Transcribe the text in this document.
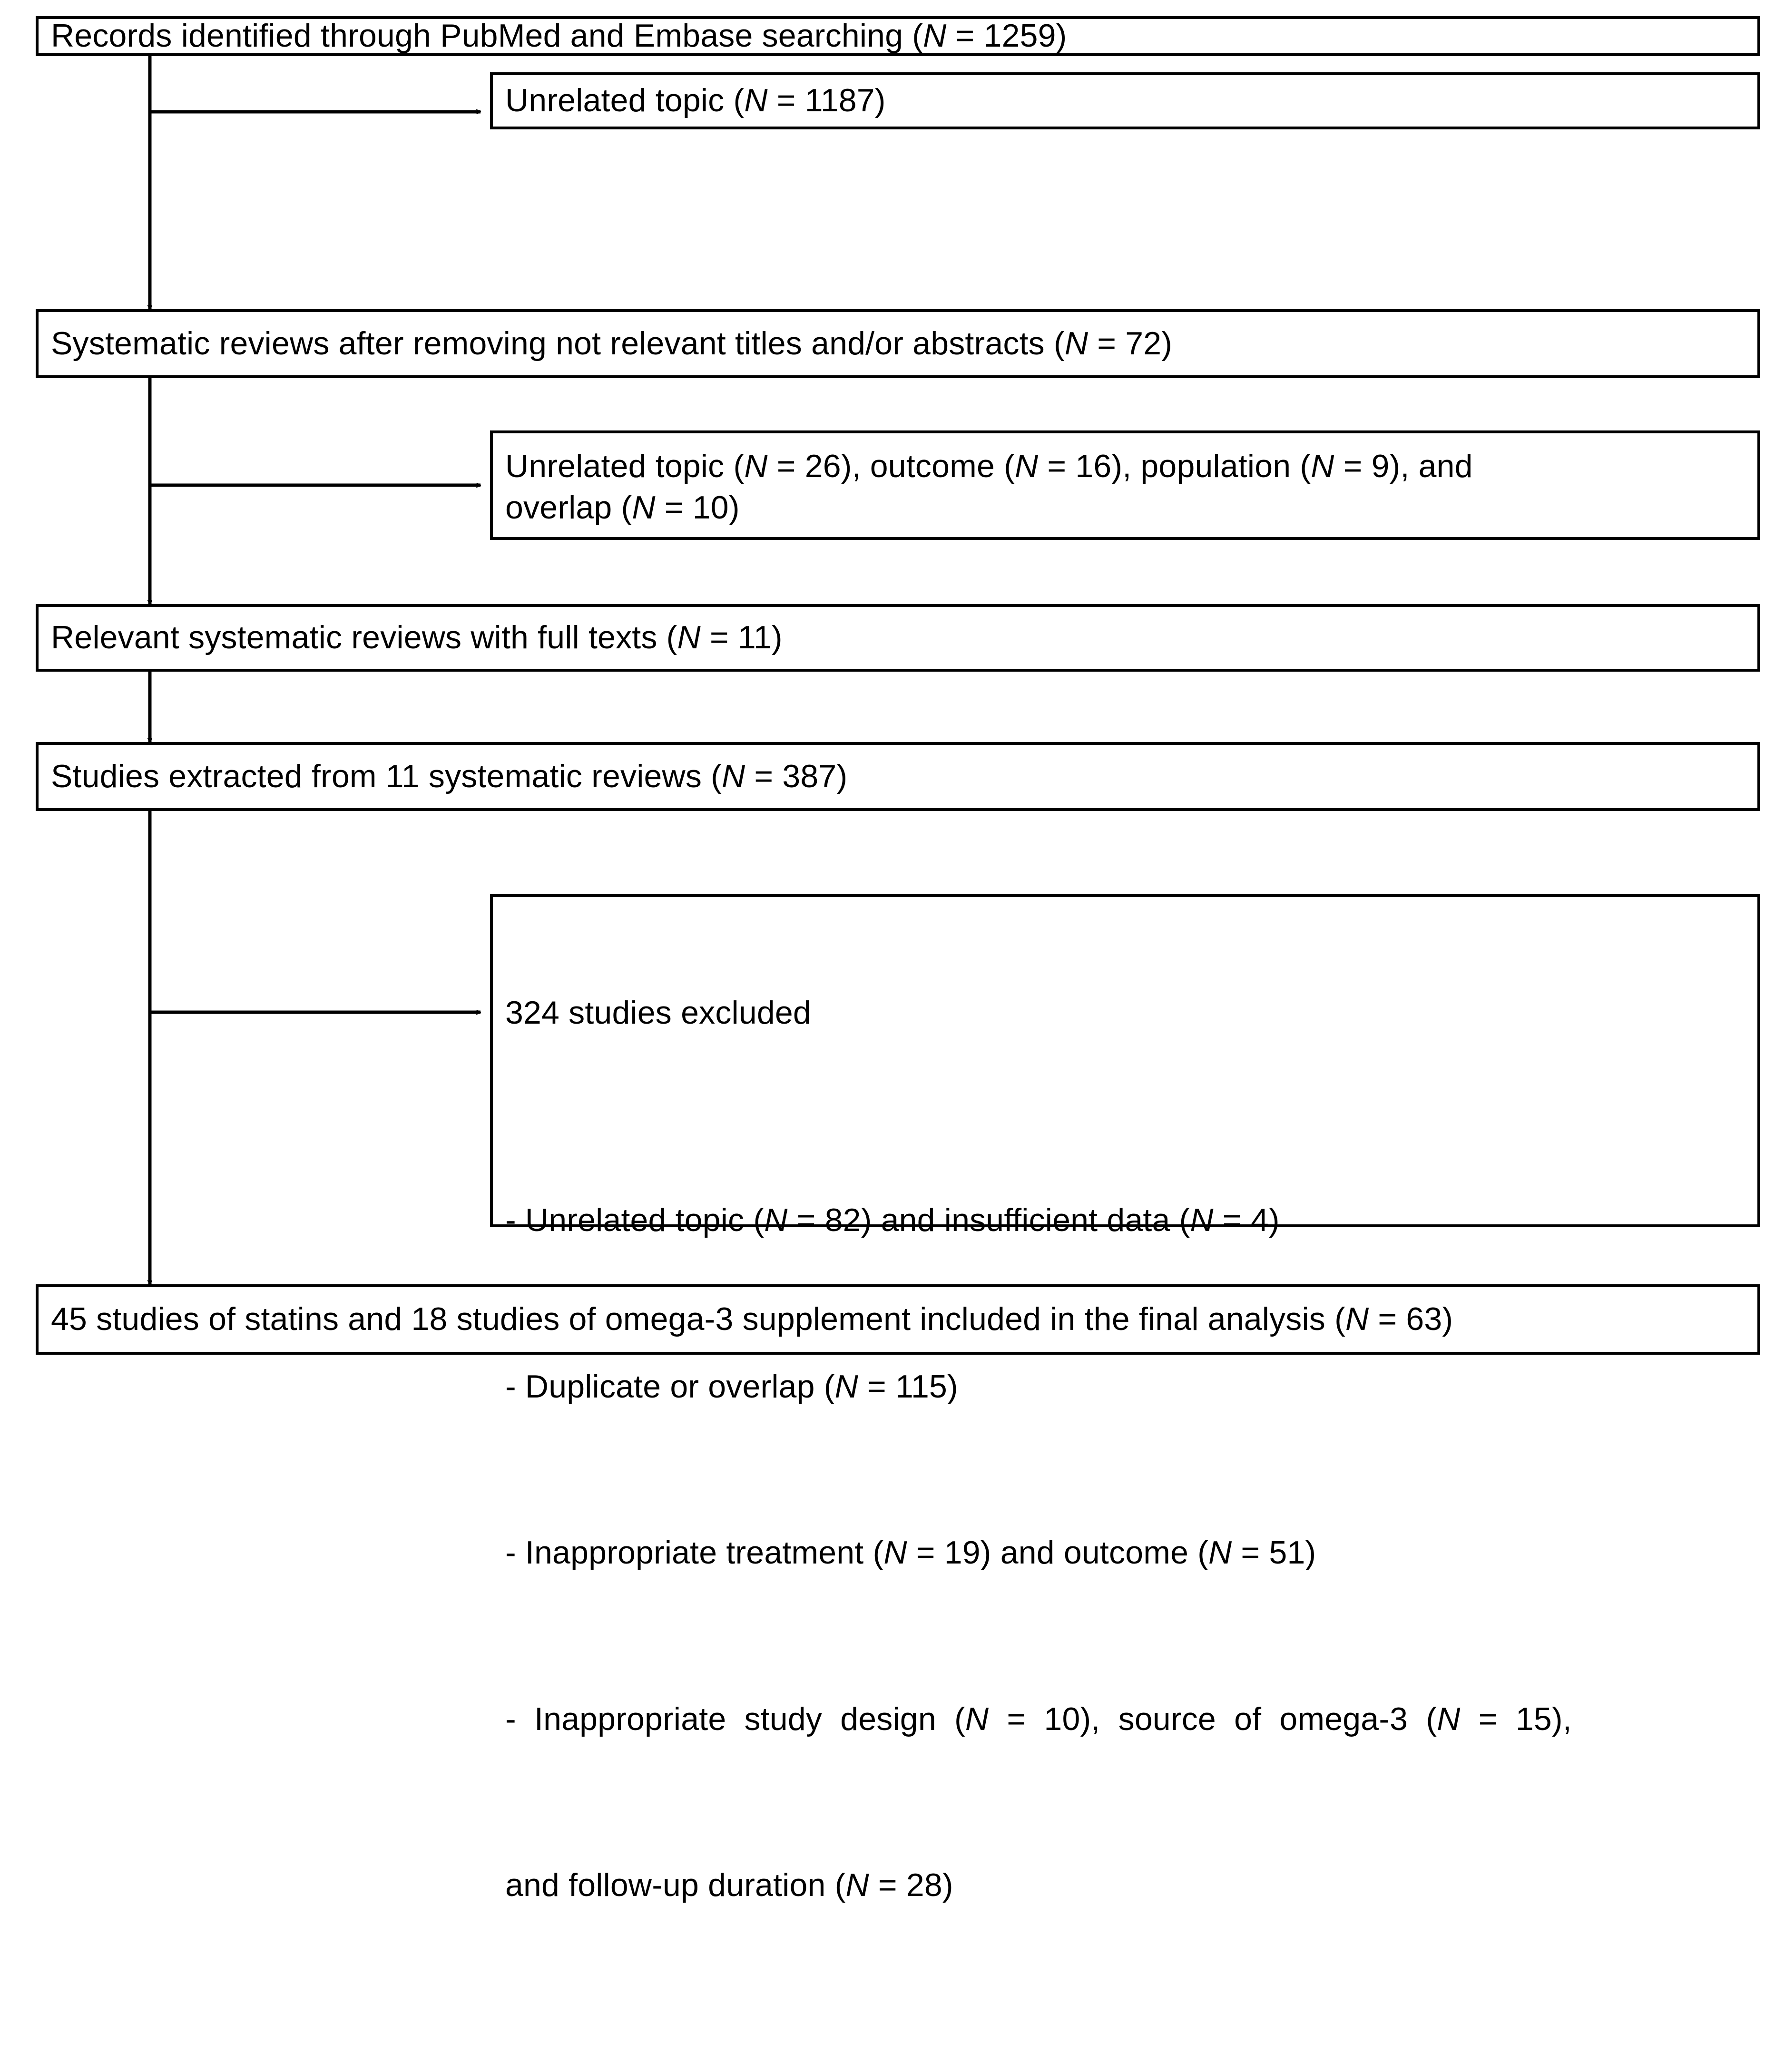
Records identified through PubMed and Embase searching (N = 1259)
Unrelated topic (N = 1187)
Systematic reviews after removing not relevant titles and/or abstracts (N = 72)
Unrelated topic (N = 26), outcome (N = 16), population (N = 9), and
overlap (N = 10)
Relevant systematic reviews with full texts (N = 11)
Studies extracted from 11 systematic reviews (N = 387)

324 studies excluded

- Unrelated topic (N = 82) and insufficient data (N = 4)

- Duplicate or overlap (N = 115)

- Inappropriate treatment (N = 19) and outcome (N = 51)

-  Inappropriate  study  design  (N  =  10),  source  of  omega-3  (N  =  15),

and follow-up duration (N = 28)

45 studies of statins and 18 studies of omega-3 supplement included in the final analysis (N = 63)
